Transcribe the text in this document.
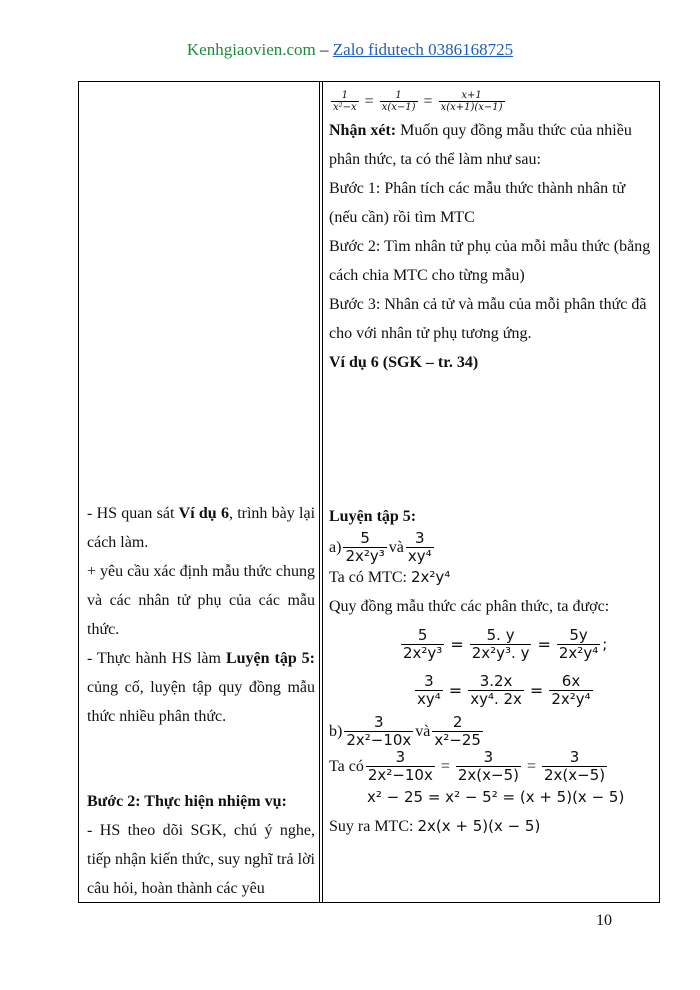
Kenhgiaovien.com – Zalo fidutech 0386168725

- HS quan sát Ví dụ 6, trình bày lại cách làm.

+ yêu cầu xác định mẫu thức chung và các nhân tử phụ của các mẫu thức.

- Thực hành HS làm Luyện tập 5: củng cố, luyện tập quy đồng mẫu thức nhiều phân thức.

Bước 2: Thực hiện nhiệm vụ:

- HS theo dõi SGK, chú ý nghe, tiếp nhận kiến thức, suy nghĩ trả lời câu hỏi, hoàn thành các yêu

$\frac{1}{\text{x²−x}} = \frac{1}{x(x-1)} = \frac{x+1}{x(x+1)(x-1)}$

Nhận xét: Muốn quy đồng mẫu thức của nhiều phân thức, ta có thể làm như sau:

Bước 1: Phân tích các mẫu thức thành nhân tử (nếu cần) rồi tìm MTC

Bước 2: Tìm nhân tử phụ của mỗi mẫu thức (bằng cách chia MTC cho từng mẫu)

Bước 3: Nhân cả tử và mẫu của mỗi phân thức đã cho với nhân tử phụ tương ứng.

Ví dụ 6 (SGK – tr. 34)

Luyện tập 5:

$a) \frac{5}{\text{2x²y³}}$ và $\frac{3}{\text{xy⁴}}$

Ta có MTC: 2x²y⁴

Quy đồng mẫu thức các phân thức, ta được:

$\frac{5}{\text{2x²y³}} = \frac{5. y}{\text{2x²y³. y}} = \frac{5y}{\text{2x²y⁴}}$ ;
$\frac{3}{\text{xy⁴}} = \frac{3.2x}{\text{xy⁴. 2x}} = \frac{6x}{\text{2x²y⁴}}$
$b) \frac{3}{\text{2x²−10x}}$ và $\frac{2}{\text{x²−25}}$
Ta có $\frac{3}{\text{2x²−10x}} = \frac{3}{2x(x-5)} = \frac{3}{2x(x-5)}$

x² − 25 = x² − 5² = (x + 5)(x − 5)

Suy ra MTC: 2x(x + 5)(x − 5)

10
